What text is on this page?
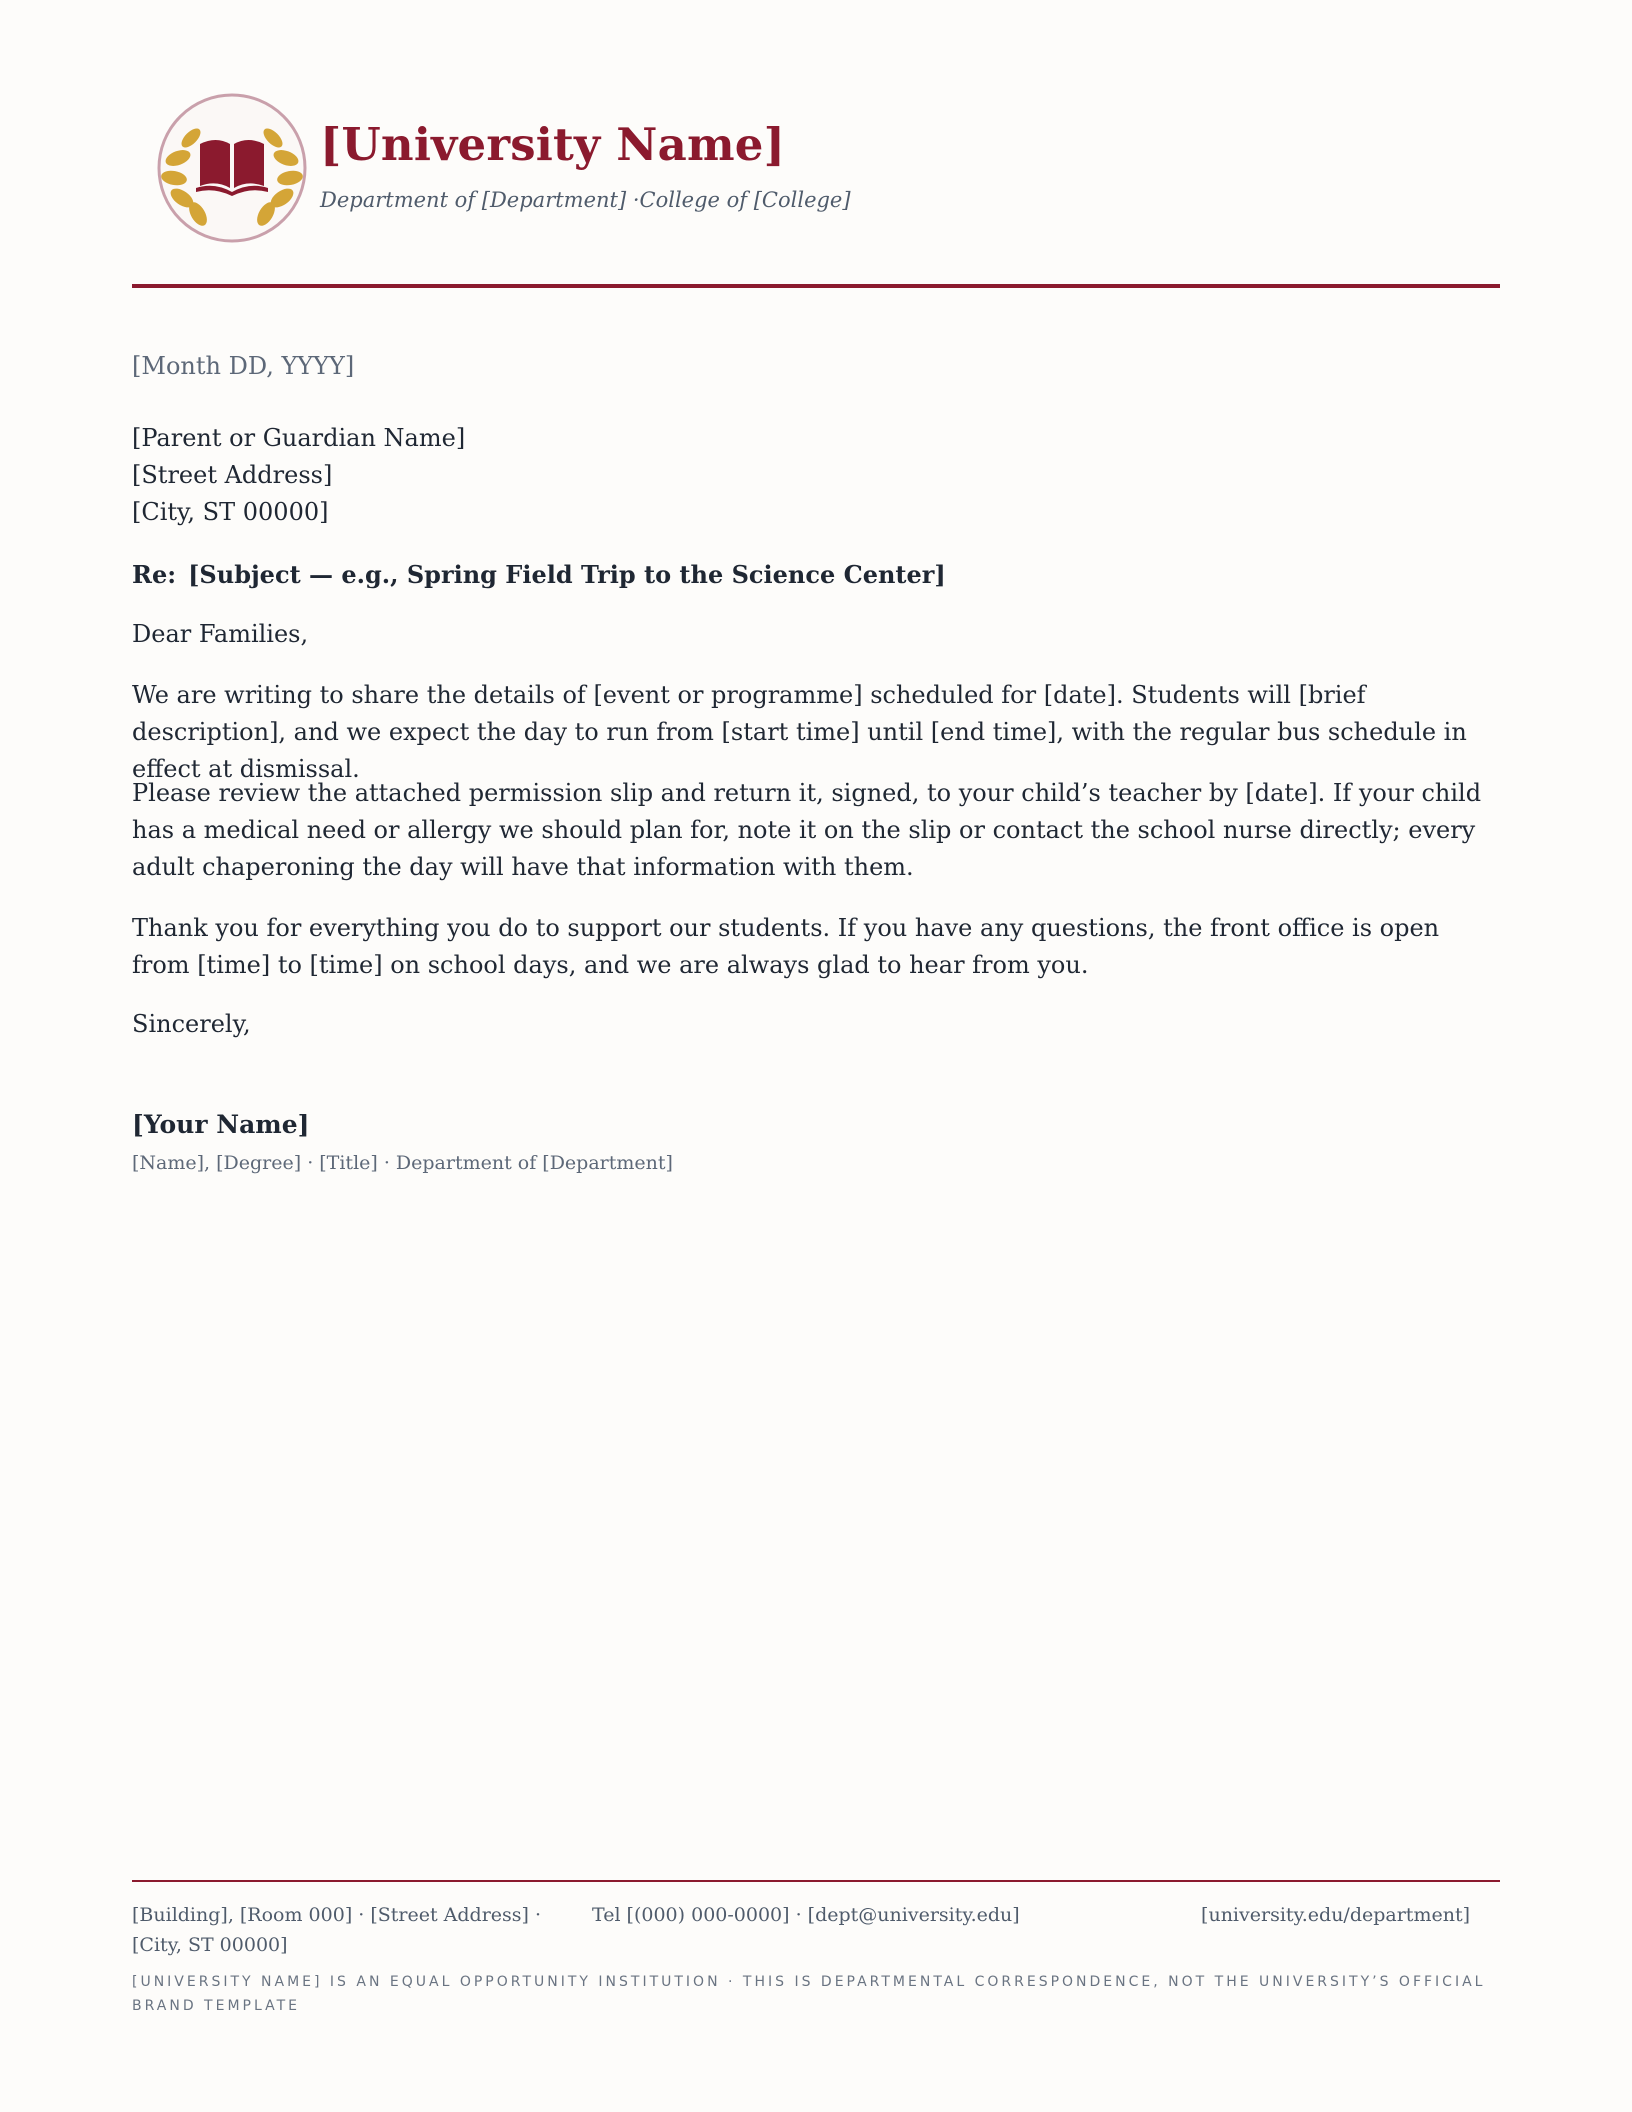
[University Name]
Department of [Department] ·College of [College]
[Month DD, YYYY]
[Parent or Guardian Name]
[Street Address]
[City, ST 00000]
Re: [Subject — e.g., Spring Field Trip to the Science Center]
Dear Families,
We are writing to share the details of [event or programme] scheduled for [date]. Students will [brief description], and we expect the day to run from [start time] until [end time], with the regular bus schedule in effect at dismissal.
Please review the attached permission slip and return it, signed, to your child’s teacher by [date]. If your child has a medical need or allergy we should plan for, note it on the slip or contact the school nurse directly; every adult chaperoning the day will have that information with them.
Thank you for everything you do to support our students. If you have any questions, the front office is open from [time] to [time] on school days, and we are always glad to hear from you.
Sincerely,
[Your Name]
[Name], [Degree] · [Title] · Department of [Department]
[Building], [Room 000] · [Street Address] · [City, ST 00000]
Tel [(000) 000-0000] · [dept@university.edu]	[university.edu/department]
[UNIVERSITY NAME] IS AN EQUAL OPPORTUNITY INSTITUTION · THIS IS DEPARTMENTAL CORRESPONDENCE, NOT THE UNIVERSITY’S OFFICIAL BRAND TEMPLATE
